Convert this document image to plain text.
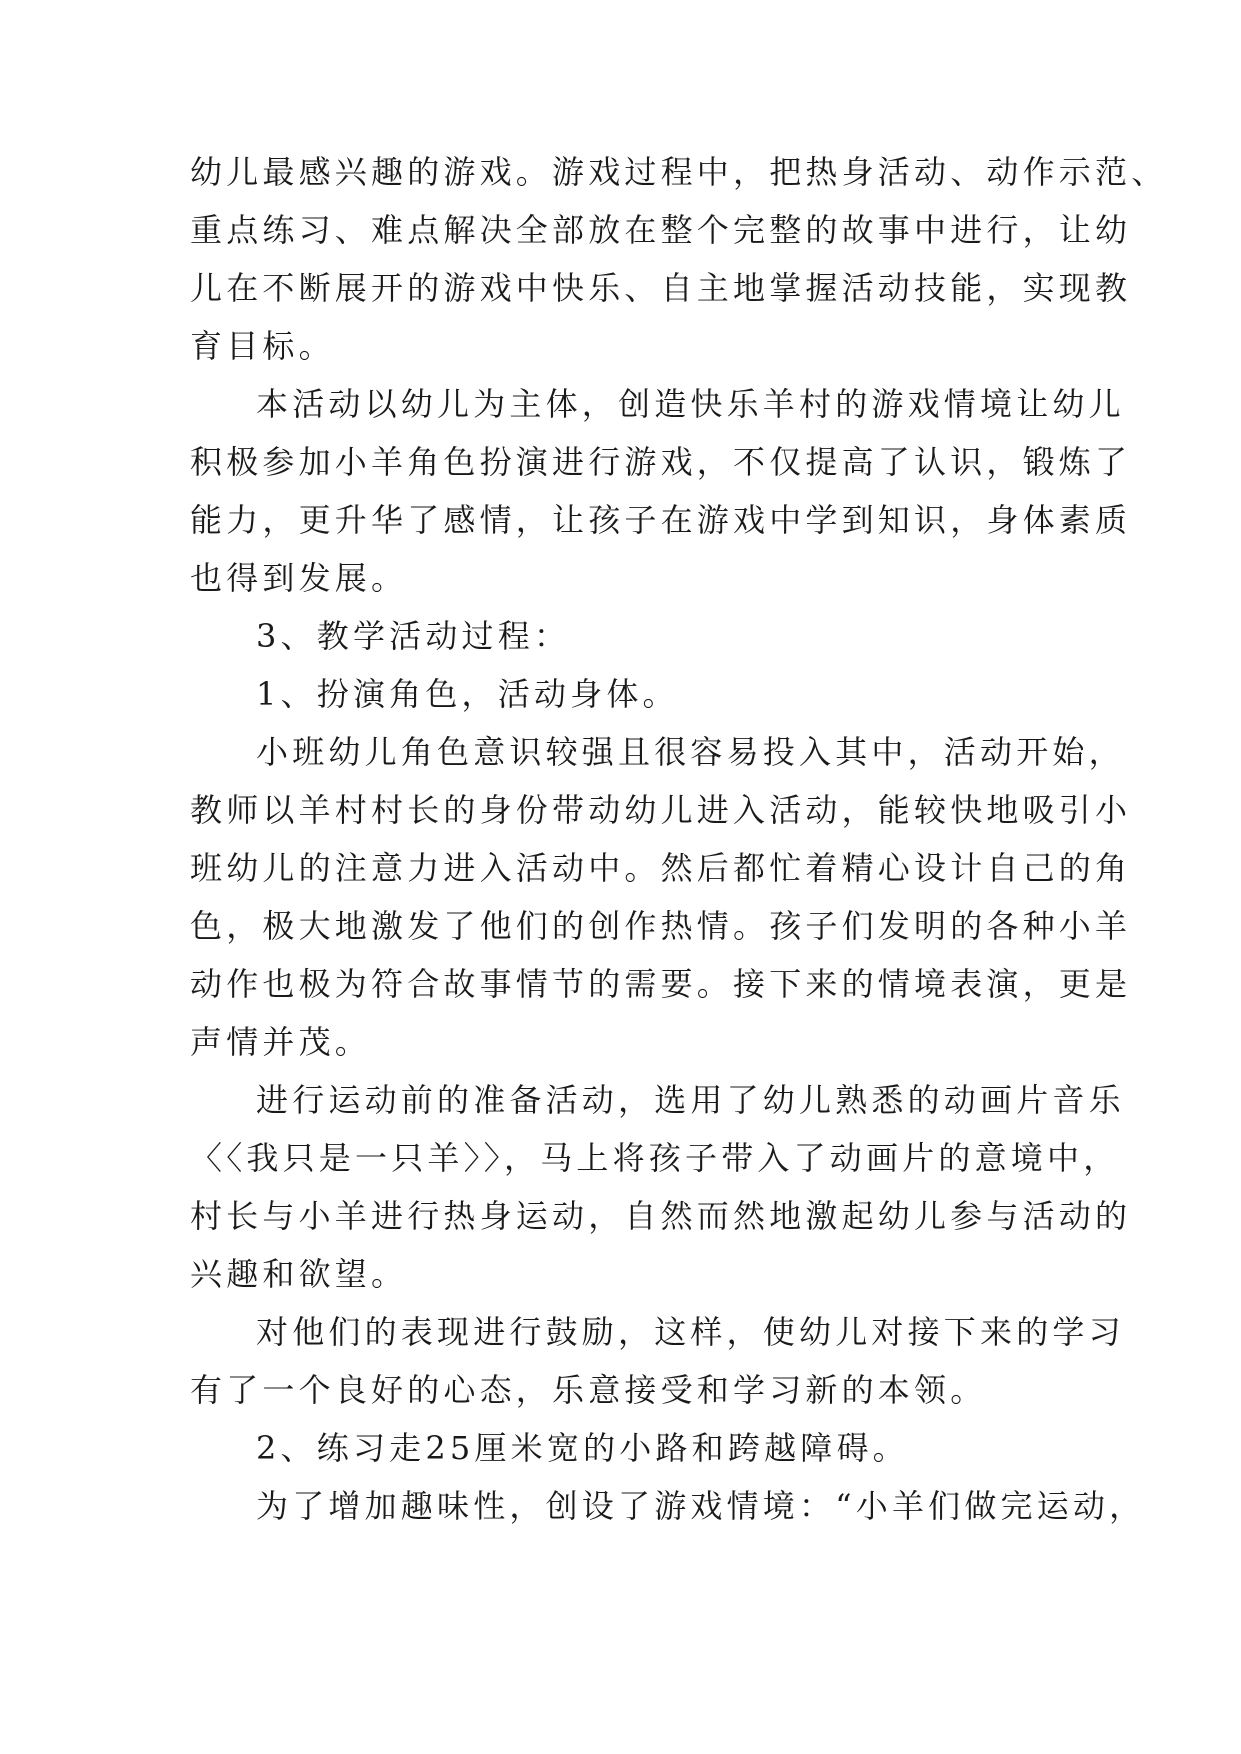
幼儿最感兴趣的游戏。游戏过程中，把热身活动、动作示范、
重点练习、难点解决全部放在整个完整的故事中进行，让幼
儿在不断展开的游戏中快乐、自主地掌握活动技能，实现教
育目标。
本活动以幼儿为主体，创造快乐羊村的游戏情境让幼儿
积极参加小羊角色扮演进行游戏，不仅提高了认识，锻炼了
能力，更升华了感情，让孩子在游戏中学到知识，身体素质
也得到发展。
3、教学活动过程：
1、扮演角色，活动身体。
小班幼儿角色意识较强且很容易投入其中，活动开始，
教师以羊村村长的身份带动幼儿进入活动，能较快地吸引小
班幼儿的注意力进入活动中。然后都忙着精心设计自己的角
色，极大地激发了他们的创作热情。孩子们发明的各种小羊
动作也极为符合故事情节的需要。接下来的情境表演，更是
声情并茂。
进行运动前的准备活动，选用了幼儿熟悉的动画片音乐
〈〈我只是一只羊〉〉，马上将孩子带入了动画片的意境中，
村长与小羊进行热身运动，自然而然地激起幼儿参与活动的
兴趣和欲望。
对他们的表现进行鼓励，这样，使幼儿对接下来的学习
有了一个良好的心态，乐意接受和学习新的本领。
2、练习走25厘米宽的小路和跨越障碍。
为了增加趣味性，创设了游戏情境：“小羊们做完运动，
